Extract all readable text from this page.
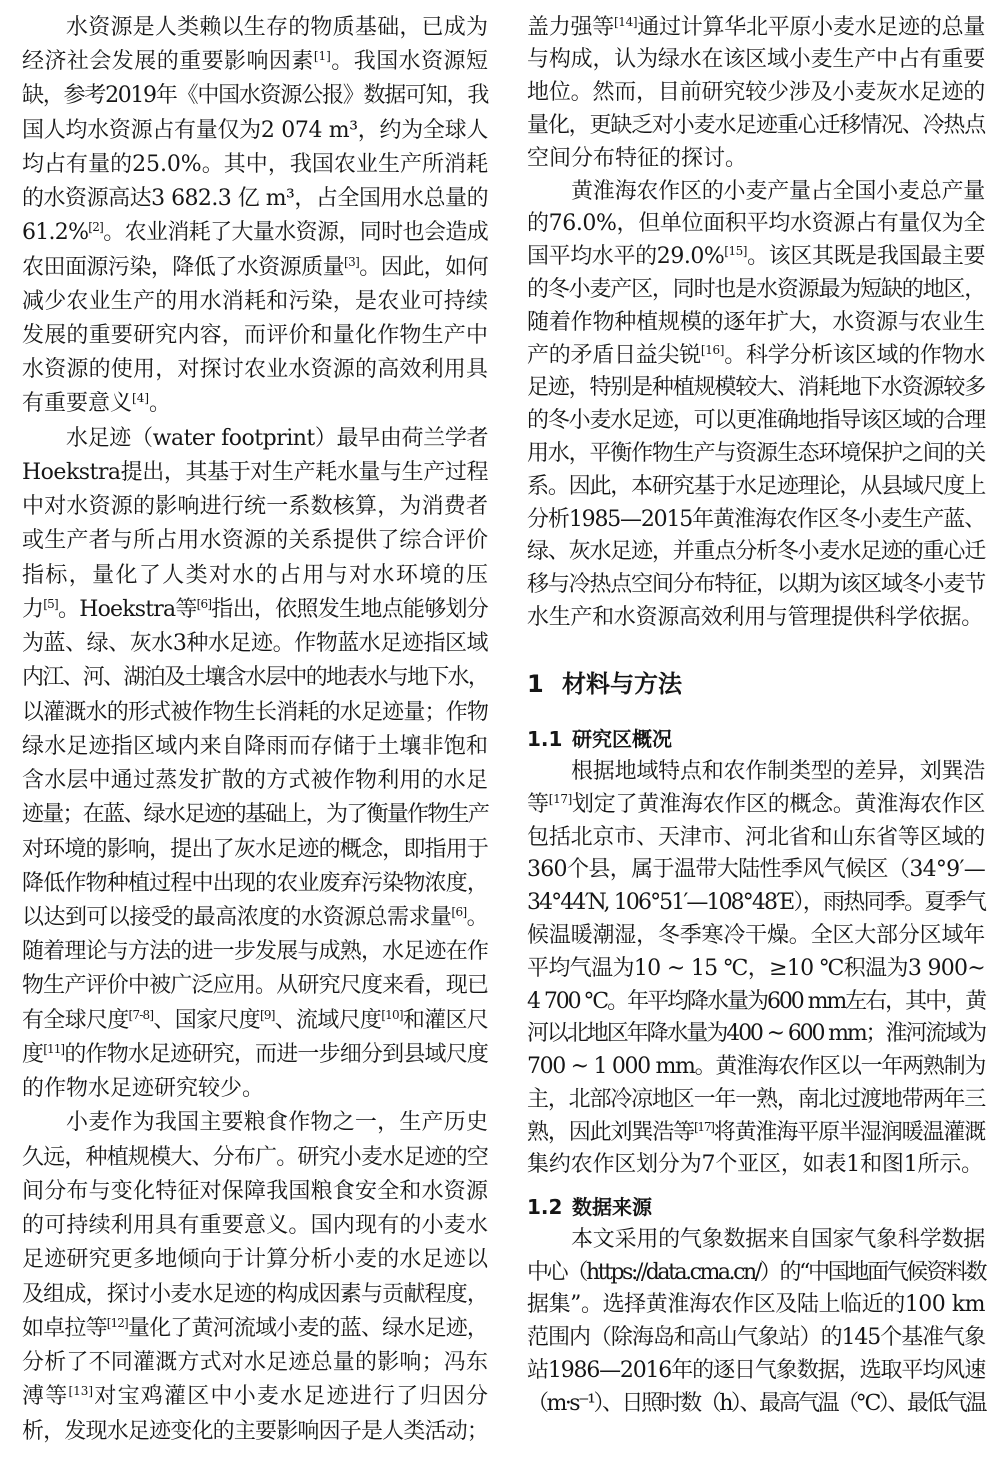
水资源是人类赖以生存的物质基础，已成为
经济社会发展的重要影响因素[1]。我国水资源短
缺，参考2019年《中国水资源公报》数据可知，我
国人均水资源占有量仅为2 074 m³，约为全球人
均占有量的25.0%。其中，我国农业生产所消耗
的水资源高达3 682.3 亿 m³，占全国用水总量的
61.2%[2]。农业消耗了大量水资源，同时也会造成
农田面源污染，降低了水资源质量[3]。因此，如何
减少农业生产的用水消耗和污染，是农业可持续
发展的重要研究内容，而评价和量化作物生产中
水资源的使用，对探讨农业水资源的高效利用具
有重要意义[4]。
水足迹（water footprint）最早由荷兰学者
Hoekstra提出，其基于对生产耗水量与生产过程
中对水资源的影响进行统一系数核算，为消费者
或生产者与所占用水资源的关系提供了综合评价
指标，量化了人类对水的占用与对水环境的压
力[5]。Hoekstra等[6]指出，依照发生地点能够划分
为蓝、绿、灰水3种水足迹。作物蓝水足迹指区域
内江、河、湖泊及土壤含水层中的地表水与地下水，
以灌溉水的形式被作物生长消耗的水足迹量；作物
绿水足迹指区域内来自降雨而存储于土壤非饱和
含水层中通过蒸发扩散的方式被作物利用的水足
迹量；在蓝、绿水足迹的基础上，为了衡量作物生产
对环境的影响，提出了灰水足迹的概念，即指用于
降低作物种植过程中出现的农业废弃污染物浓度，
以达到可以接受的最高浓度的水资源总需求量[6]。
随着理论与方法的进一步发展与成熟，水足迹在作
物生产评价中被广泛应用。从研究尺度来看，现已
有全球尺度[7-8]、国家尺度[9]、流域尺度[10]和灌区尺
度[11]的作物水足迹研究，而进一步细分到县域尺度
的作物水足迹研究较少。
小麦作为我国主要粮食作物之一，生产历史
久远，种植规模大、分布广。研究小麦水足迹的空
间分布与变化特征对保障我国粮食安全和水资源
的可持续利用具有重要意义。国内现有的小麦水
足迹研究更多地倾向于计算分析小麦的水足迹以
及组成，探讨小麦水足迹的构成因素与贡献程度，
如卓拉等[12]量化了黄河流域小麦的蓝、绿水足迹，
分析了不同灌溉方式对水足迹总量的影响；冯东
溥等[13]对宝鸡灌区中小麦水足迹进行了归因分
析，发现水足迹变化的主要影响因子是人类活动；
盖力强等[14]通过计算华北平原小麦水足迹的总量
与构成，认为绿水在该区域小麦生产中占有重要
地位。然而，目前研究较少涉及小麦灰水足迹的
量化，更缺乏对小麦水足迹重心迁移情况、冷热点
空间分布特征的探讨。
黄淮海农作区的小麦产量占全国小麦总产量
的76.0%，但单位面积平均水资源占有量仅为全
国平均水平的29.0%[15]。该区其既是我国最主要
的冬小麦产区，同时也是水资源最为短缺的地区，
随着作物种植规模的逐年扩大，水资源与农业生
产的矛盾日益尖锐[16]。科学分析该区域的作物水
足迹，特别是种植规模较大、消耗地下水资源较多
的冬小麦水足迹，可以更准确地指导该区域的合理
用水，平衡作物生产与资源生态环境保护之间的关
系。因此，本研究基于水足迹理论，从县域尺度上
分析1985—2015年黄淮海农作区冬小麦生产蓝、
绿、灰水足迹，并重点分析冬小麦水足迹的重心迁
移与冷热点空间分布特征，以期为该区域冬小麦节
水生产和水资源高效利用与管理提供科学依据。
1 材料与方法
1.1 研究区概况
根据地域特点和农作制类型的差异，刘巽浩
等[17]划定了黄淮海农作区的概念。黄淮海农作区
包括北京市、天津市、河北省和山东省等区域的
360个县，属于温带大陆性季风气候区（34°9′—
34°44′N, 106°51′—108°48′E），雨热同季。夏季气
候温暖潮湿，冬季寒冷干燥。全区大部分区域年
平均气温为10 ~ 15 ℃，≥10 ℃积温为3 900~
4 700 ℃。年平均降水量为600 mm左右，其中，黄
河以北地区年降水量为400 ~ 600 mm；淮河流域为
700 ~ 1 000 mm。黄淮海农作区以一年两熟制为
主，北部冷凉地区一年一熟，南北过渡地带两年三
熟，因此刘巽浩等[17]将黄淮海平原半湿润暖温灌溉
集约农作区划分为7个亚区，如表1和图1所示。
1.2 数据来源
本文采用的气象数据来自国家气象科学数据
中心（https://data.cma.cn/）的“中国地面气候资料数
据集”。选择黄淮海农作区及陆上临近的100 km
范围内（除海岛和高山气象站）的145个基准气象
站1986—2016年的逐日气象数据，选取平均风速
（m·s⁻¹）、日照时数（h）、最高气温（℃）、最低气温
